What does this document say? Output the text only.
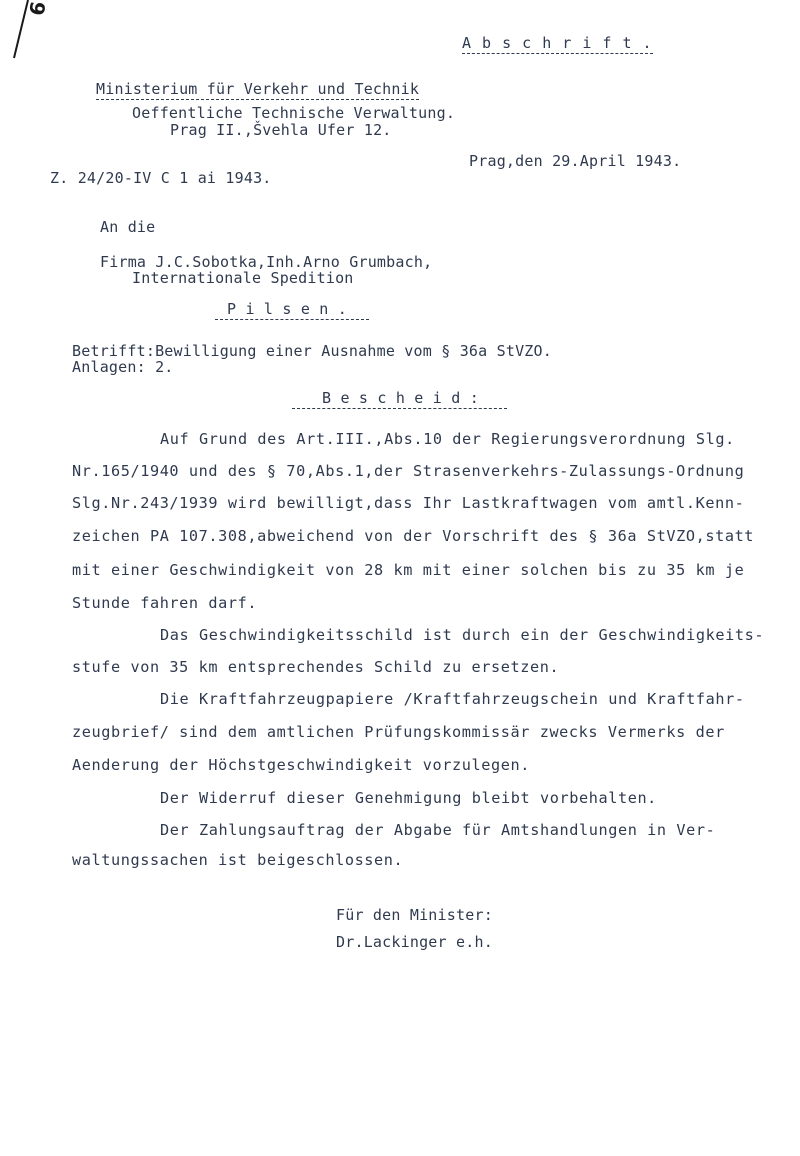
6
A b s c h r i f t .
Ministerium für Verkehr und Technik
Oeffentliche Technische Verwaltung.
Prag II.,Švehla Ufer 12.
Prag,den 29.April 1943.
Z. 24/20-IV C 1 ai 1943.
An die
Firma J.C.Sobotka,Inh.Arno Grumbach,
Internationale Spedition
P i l s e n .
Betrifft:Bewilligung einer Ausnahme vom § 36a StVZO.
Anlagen: 2.
B e s c h e i d :
Auf Grund des Art.III.,Abs.10 der Regierungsverordnung Slg.
Nr.165/1940 und des § 70,Abs.1,der Strasenverkehrs-Zulassungs-Ordnung
Slg.Nr.243/1939 wird bewilligt,dass Ihr Lastkraftwagen vom amtl.Kenn-
zeichen PA 107.308,abweichend von der Vorschrift des § 36a StVZO,statt
mit einer Geschwindigkeit von 28 km mit einer solchen bis zu 35 km je
Stunde fahren darf.
Das Geschwindigkeitsschild ist durch ein der Geschwindigkeits-
stufe von 35 km entsprechendes Schild zu ersetzen.
Die Kraftfahrzeugpapiere /Kraftfahrzeugschein und Kraftfahr-
zeugbrief/ sind dem amtlichen Prüfungskommissär zwecks Vermerks der
Aenderung der Höchstgeschwindigkeit vorzulegen.
Der Widerruf dieser Genehmigung bleibt vorbehalten.
Der Zahlungsauftrag der Abgabe für Amtshandlungen in Ver-
waltungssachen ist beigeschlossen.
Für den Minister:
Dr.Lackinger e.h.
